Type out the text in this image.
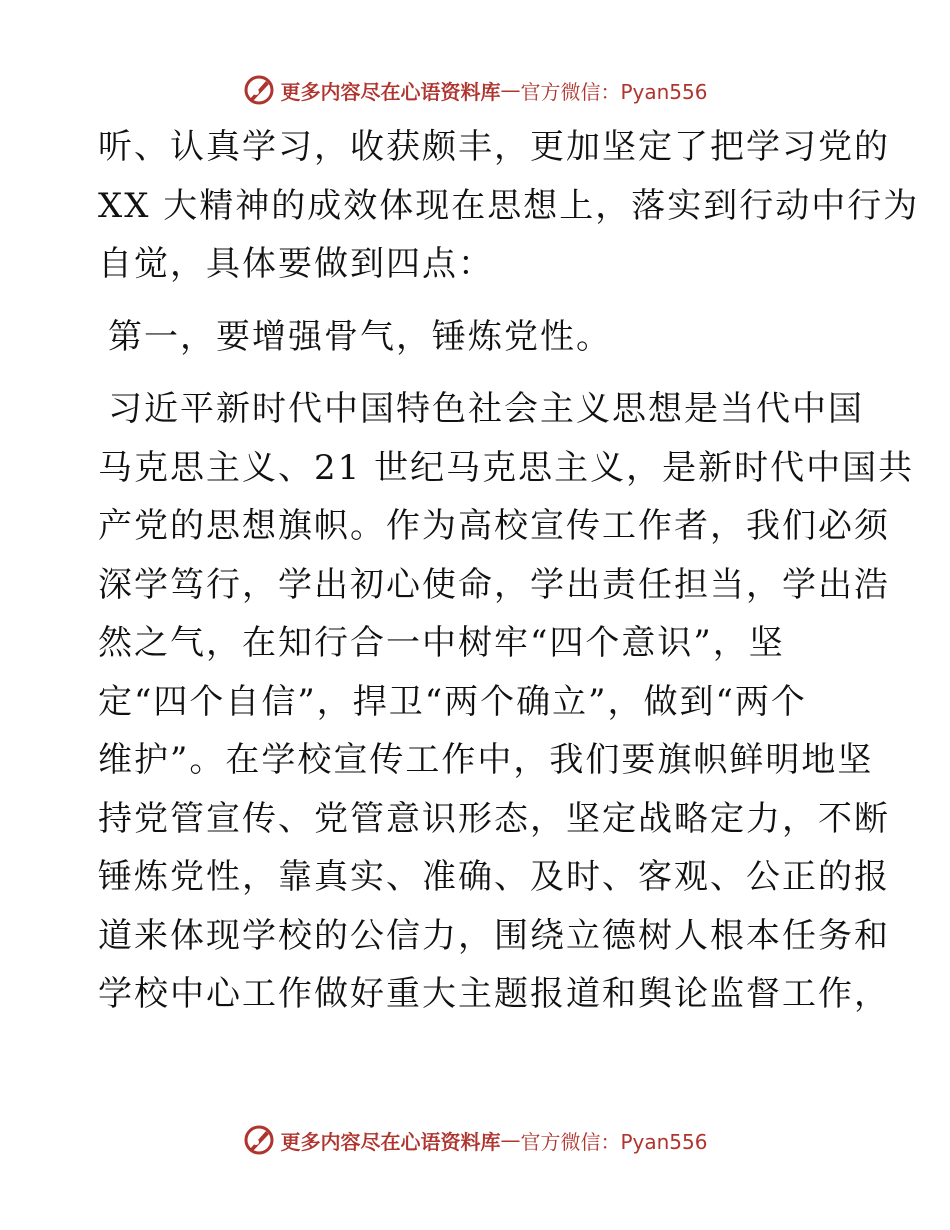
更多内容尽在心语资料库 — 官方微信：Pyan556

听、认真学习，收获颇丰，更加坚定了把学习党的

XX 大精神的成效体现在思想上，落实到行动中行为

自觉，具体要做到四点：

第一，要增强骨气，锤炼党性。

习近平新时代中国特色社会主义思想是当代中国

马克思主义、21 世纪马克思主义，是新时代中国共

产党的思想旗帜。作为高校宣传工作者，我们必须

深学笃行，学出初心使命，学出责任担当，学出浩

然之气，在知行合一中树牢“四个意识”，坚

定“四个自信”，捍卫“两个确立”，做到“两个

维护”。在学校宣传工作中，我们要旗帜鲜明地坚

持党管宣传、党管意识形态，坚定战略定力，不断

锤炼党性，靠真实、准确、及时、客观、公正的报

道来体现学校的公信力，围绕立德树人根本任务和

学校中心工作做好重大主题报道和舆论监督工作，

更多内容尽在心语资料库 — 官方微信：Pyan556
